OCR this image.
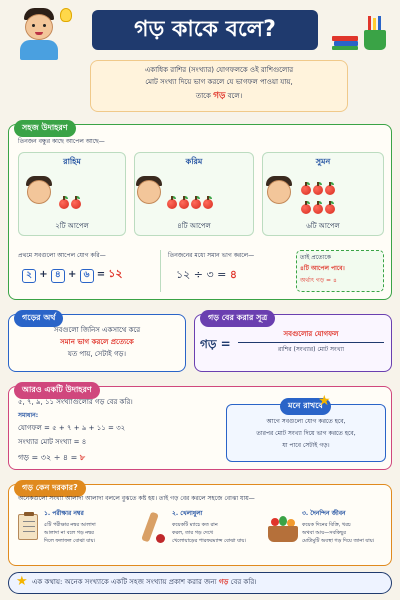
গড় কাকে বলে?
একাধিক রাশির (সংখ্যার) যোগফলকে ওই রাশিগুলোর
মোট সংখ্যা দিয়ে ভাগ করলে যে ভাগফল পাওয়া যায়,
তাকে গড় বলে।
সহজ উদাহরণ
তিনজন বন্ধুর কাছে আপেল আছে—
রাহিম
২টি আপেল
করিম
৪টি আপেল
সুমন

৬টি আপেল
প্রথমে সবগুলো আপেল যোগ করি—
২ + ৪ + ৬ = ১২
তিনজনের মধ্যে সমান ভাগ করলে—
১২ ÷ ৩ = ৪
তাই প্রত্যেকে
৪টি আপেল পাবে।
অর্থাৎ গড় = ৪
গড়ের অর্থ
সবগুলো জিনিস একসাথে করে
সমান ভাগ করলে প্রত্যেকে
যত পায়, সেটাই গড়।
গড় বের করার সূত্র
গড় =
সবগুলোর যোগফল
রাশির (সংখ্যার) মোট সংখ্যা
আরও একটি উদাহরণ
৫, ৭, ৯, ১১ সংখ্যাগুলোর গড় বের করি।
সমাধান:
যোগফল = ৫ + ৭ + ৯ + ১১ = ৩২
সংখ্যার মোট সংখ্যা = ৪
গড় = ৩২ ÷ ৪ = ৮
মনে রাখবে
★
আগে সবগুলো যোগ করতে হবে,
তারপর মোট সংখ্যা দিয়ে ভাগ করতে হবে,
যা পাবে সেটাই গড়।
গড় কেন দরকার?
অনেকগুলো সংখ্যা আলাদা আলাদা বললে বুঝতে কষ্ট হয়। তাই গড় বের করলে সহজে বোঝা যায়—
১. পরীক্ষার নম্বর
৫টি পরীক্ষার নম্বর আলাদা
আলাদা না বলে গড় নম্বর
দিলে ফলাফল বোঝা যায়।
২. খেলাধুলা
কয়েকটি ম্যাচে কত রান
করল, তার গড় দেখে
খেলোয়াড়ের পারফরম্যান্স বোঝা যায়।
৩. দৈনন্দিন জীবন
কয়েক দিনের বিক্রি, খরচ
অথবা আয়—সবকিছুর
মোটামুটি অবস্থা গড় দিয়ে জানা যায়।
★ এক কথায়: অনেক সংখ্যাকে একটি সহজ সংখ্যায় প্রকাশ করার জন্য গড় বের করি।
